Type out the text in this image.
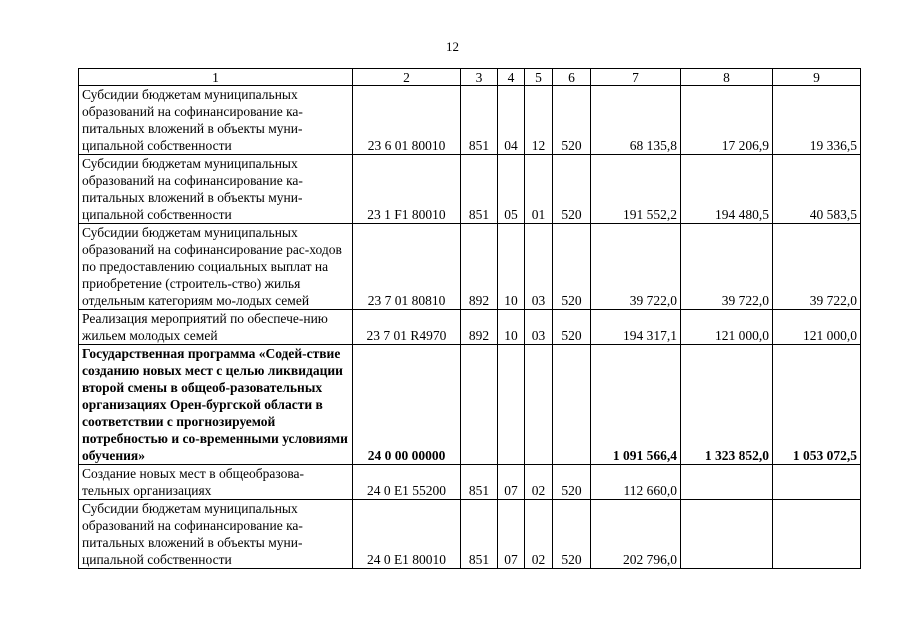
12
1	2	3	4	5	6	7	8	9
Субсидии бюджетам муниципальных образований на софинансирование ка-питальных вложений в объекты муни-ципальной собственности	23 6 01 80010	851	04	12	520	68 135,8	17 206,9	19 336,5
Субсидии бюджетам муниципальных образований на софинансирование ка-питальных вложений в объекты муни-ципальной собственности	23 1 F1 80010	851	05	01	520	191 552,2	194 480,5	40 583,5
Субсидии бюджетам муниципальных образований на софинансирование рас-ходов по предоставлению социальных выплат на приобретение (строитель-ство) жилья отдельным категориям мо-лодых семей	23 7 01 80810	892	10	03	520	39 722,0	39 722,0	39 722,0
Реализация мероприятий по обеспече-нию жильем молодых семей	23 7 01 R4970	892	10	03	520	194 317,1	121 000,0	121 000,0
Государственная программа «Содей-ствие созданию новых мест с целью ликвидации второй смены в общеоб-разовательных организациях Орен-бургской области в соответствии с прогнозируемой потребностью и со-временными условиями обучения»	24 0 00 00000					1 091 566,4	1 323 852,0	1 053 072,5
Создание новых мест в общеобразова-тельных организациях	24 0 E1 55200	851	07	02	520	112 660,0		
Субсидии бюджетам муниципальных образований на софинансирование ка-питальных вложений в объекты муни-ципальной собственности	24 0 E1 80010	851	07	02	520	202 796,0		
